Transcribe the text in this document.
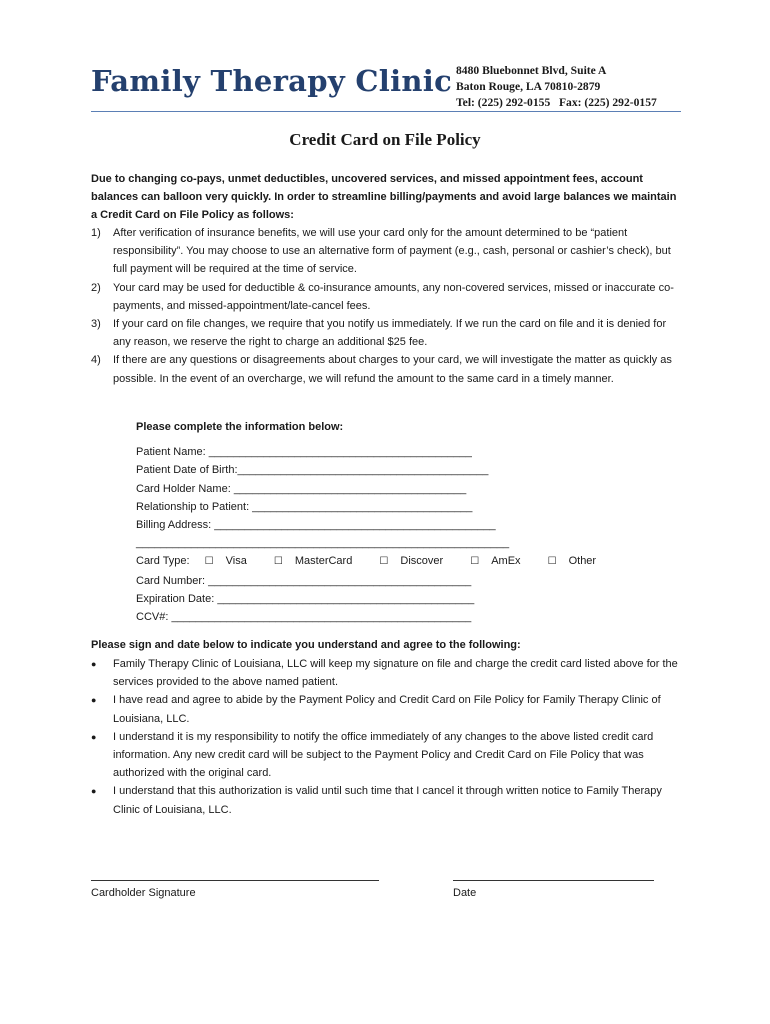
Family Therapy Clinic 8480 Bluebonnet Blvd, Suite A
Baton Rouge, LA 70810-2879
Tel: (225) 292-0155   Fax: (225) 292-0157
Credit Card on File Policy
Due to changing co-pays, unmet deductibles, uncovered services, and missed appointment fees, account balances can balloon very quickly. In order to streamline billing/payments and avoid large balances we maintain a Credit Card on File Policy as follows:
1) After verification of insurance benefits, we will use your card only for the amount determined to be “patient responsibility”. You may choose to use an alternative form of payment (e.g., cash, personal or cashier’s check), but full payment will be required at the time of service.
2) Your card may be used for deductible & co-insurance amounts, any non-covered services, missed or inaccurate co-payments, and missed-appointment/late-cancel fees.
3) If your card on file changes, we require that you notify us immediately. If we run the card on file and it is denied for any reason, we reserve the right to charge an additional $25 fee.
4) If there are any questions or disagreements about charges to your card, we will investigate the matter as quickly as possible. In the event of an overcharge, we will refund the amount to the same card in a timely manner.
Please complete the information below:
Patient Name: ___________________________________________
Patient Date of Birth:_________________________________________
Card Holder Name: ______________________________________
Relationship to Patient: ____________________________________
Billing Address: ______________________________________________
_____________________________________________________________
Card Type: ☐ Visa	☐ MasterCard	☐ Discover	☐ AmEx	☐ Other
Card Number: ___________________________________________
Expiration Date: __________________________________________
CCV#: _________________________________________________
Please sign and date below to indicate you understand and agree to the following:
● Family Therapy Clinic of Louisiana, LLC will keep my signature on file and charge the credit card listed above for the services provided to the above named patient.
● I have read and agree to abide by the Payment Policy and Credit Card on File Policy for Family Therapy Clinic of Louisiana, LLC.
● I understand it is my responsibility to notify the office immediately of any changes to the above listed credit card information. Any new credit card will be subject to the Payment Policy and Credit Card on File Policy that was authorized with the original card.
● I understand that this authorization is valid until such time that I cancel it through written notice to Family Therapy Clinic of Louisiana, LLC.
Cardholder Signature	Date
